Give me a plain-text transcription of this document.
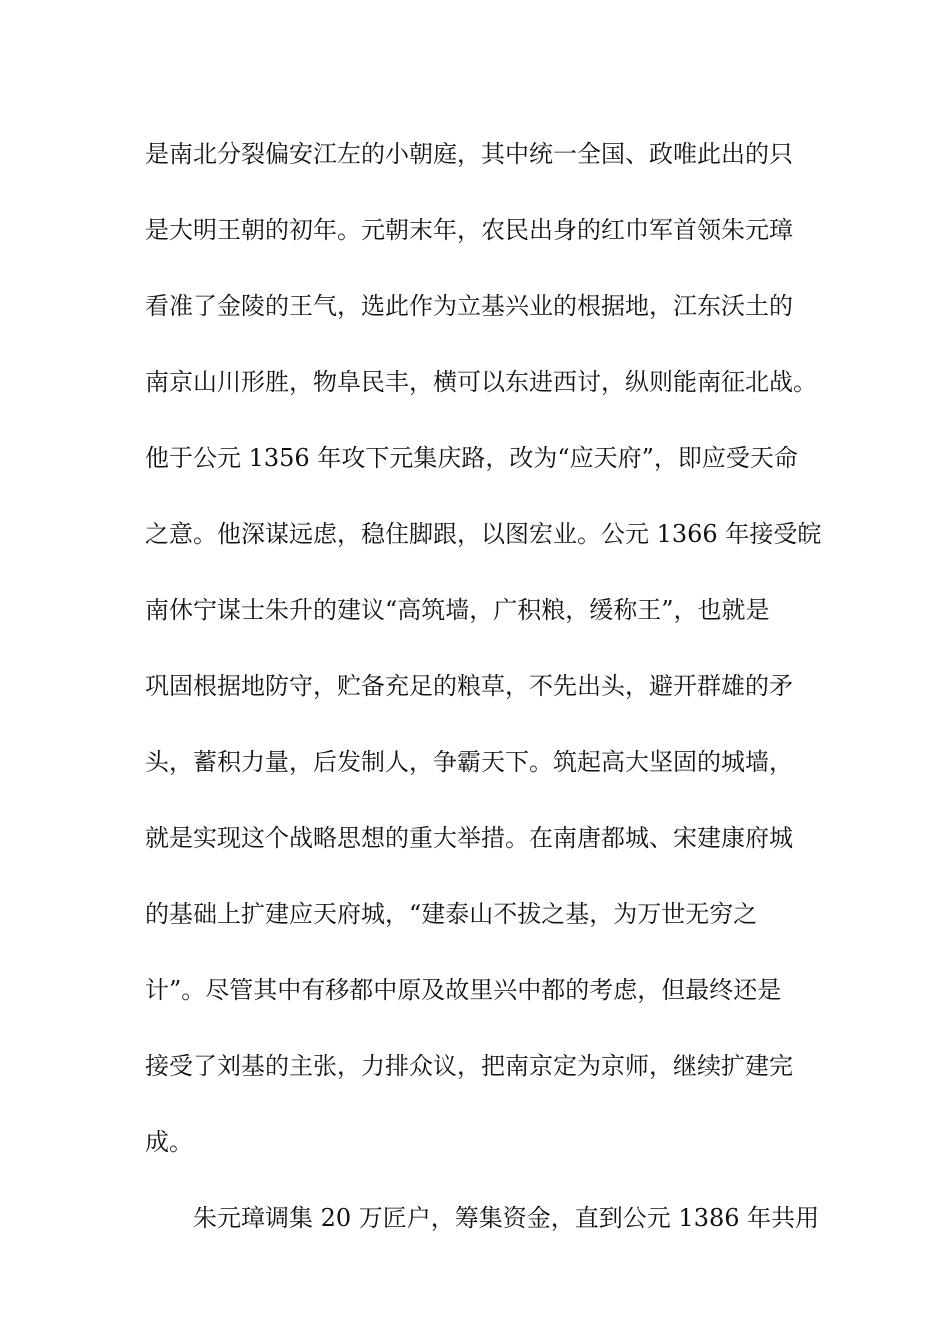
是南北分裂偏安江左的小朝庭，其中统一全国、政唯此出的只
是大明王朝的初年。元朝末年，农民出身的红巾军首领朱元璋
看准了金陵的王气，选此作为立基兴业的根据地，江东沃土的
南京山川形胜，物阜民丰，横可以东进西讨，纵则能南征北战。
他于公元 1356 年攻下元集庆路，改为“应天府”，即应受天命
之意。他深谋远虑，稳住脚跟，以图宏业。公元 1366 年接受皖
南休宁谋士朱升的建议“高筑墙，广积粮，缓称王”，也就是
巩固根据地防守，贮备充足的粮草，不先出头，避开群雄的矛
头，蓄积力量，后发制人，争霸天下。筑起高大坚固的城墙，
就是实现这个战略思想的重大举措。在南唐都城、宋建康府城
的基础上扩建应天府城，“建泰山不拔之基，为万世无穷之
计”。尽管其中有移都中原及故里兴中都的考虑，但最终还是
接受了刘基的主张，力排众议，把南京定为京师，继续扩建完
成。
朱元璋调集 20 万匠户，筹集资金，直到公元 1386 年共用
